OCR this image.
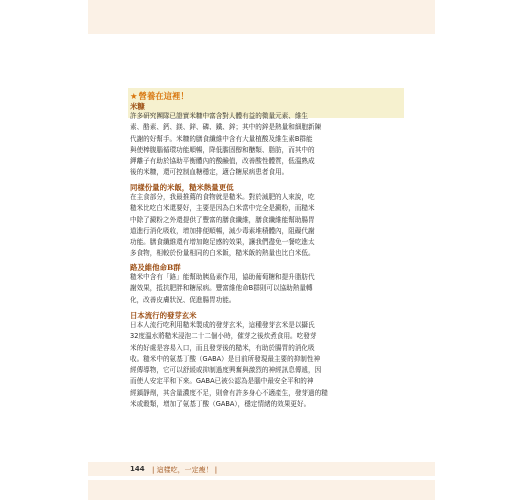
★營養在這裡！
米糠
許多研究團隊已證實米糠中富含對人體有益的微量元素、維生
素、酪素、鈣、鎂、鋅、磷、鐵、鋅；其中的鋅是熱量和細胞新陳
代謝的好幫手。米糠的膳食纖維中含有大量植酸及維生素B群能
與使棒腹腦循環功能順暢，降低膽固醇和醣類、脂肪，而其中的
鉀離子有助於協助平衡體內的酸鹼值，改善酸性體質，低溫熟成
後的米糠，還可控制血糖穩定，適合糖尿病患者食用。
同樣份量的米飯，糙米熱量更低
在主食部分，我最推薦的食物就是糙米。對於減肥的人來說，吃
糙米比吃白米還要好，主要是因為白米當中完全是澱粉，而糙米
中除了澱粉之外還提供了豐富的膳食纖維，膳食纖維能幫助腸胃
道進行消化吸收，增加排便順暢，減少毒素堆積體內，阻礙代謝
功能。膳食纖維還有增加飽足感的效果，讓我們盡免一餐吃進太
多食物，相較於份量相同的白米飯，糙米飯的熱量也比白米低。
路及維他命B群
糙米中含有「鉻」能幫助胰島素作用，協助葡萄糖和提升脂肪代
謝效果，抵抗肥胖和糖尿病。豐富維他命B群則可以協助熱量轉
化，改善皮膚狀況、促進腸胃功能。
日本流行的發芽玄米
日本人流行吃利用糙米製成的發芽玄米，這種發芽玄米是以攝氏
32度溫水將糙米浸泡二十二個小時，催芽之後炊煮食用。吃發芽
米的好處是容易入口，而且發芽後的糙米，有助於腸胃的消化吸
收。糙米中的氨基丁酸（GABA）是目前所發現最主要的抑制性神
經傳導物，它可以舒緩或抑制過度興奮與激烈的神經訊息傳遞，因
而使人安定平和下來。GABA已被公認為是腦中最安全平和的神
經鎮靜劑，其含量濃度不足，則會有許多身心不適產生，發芽過的糙
米或穀類，增加了氨基丁酸（GABA），穩定情緒的效果更好。
144 | 這樣吃，一定瘦！ |
